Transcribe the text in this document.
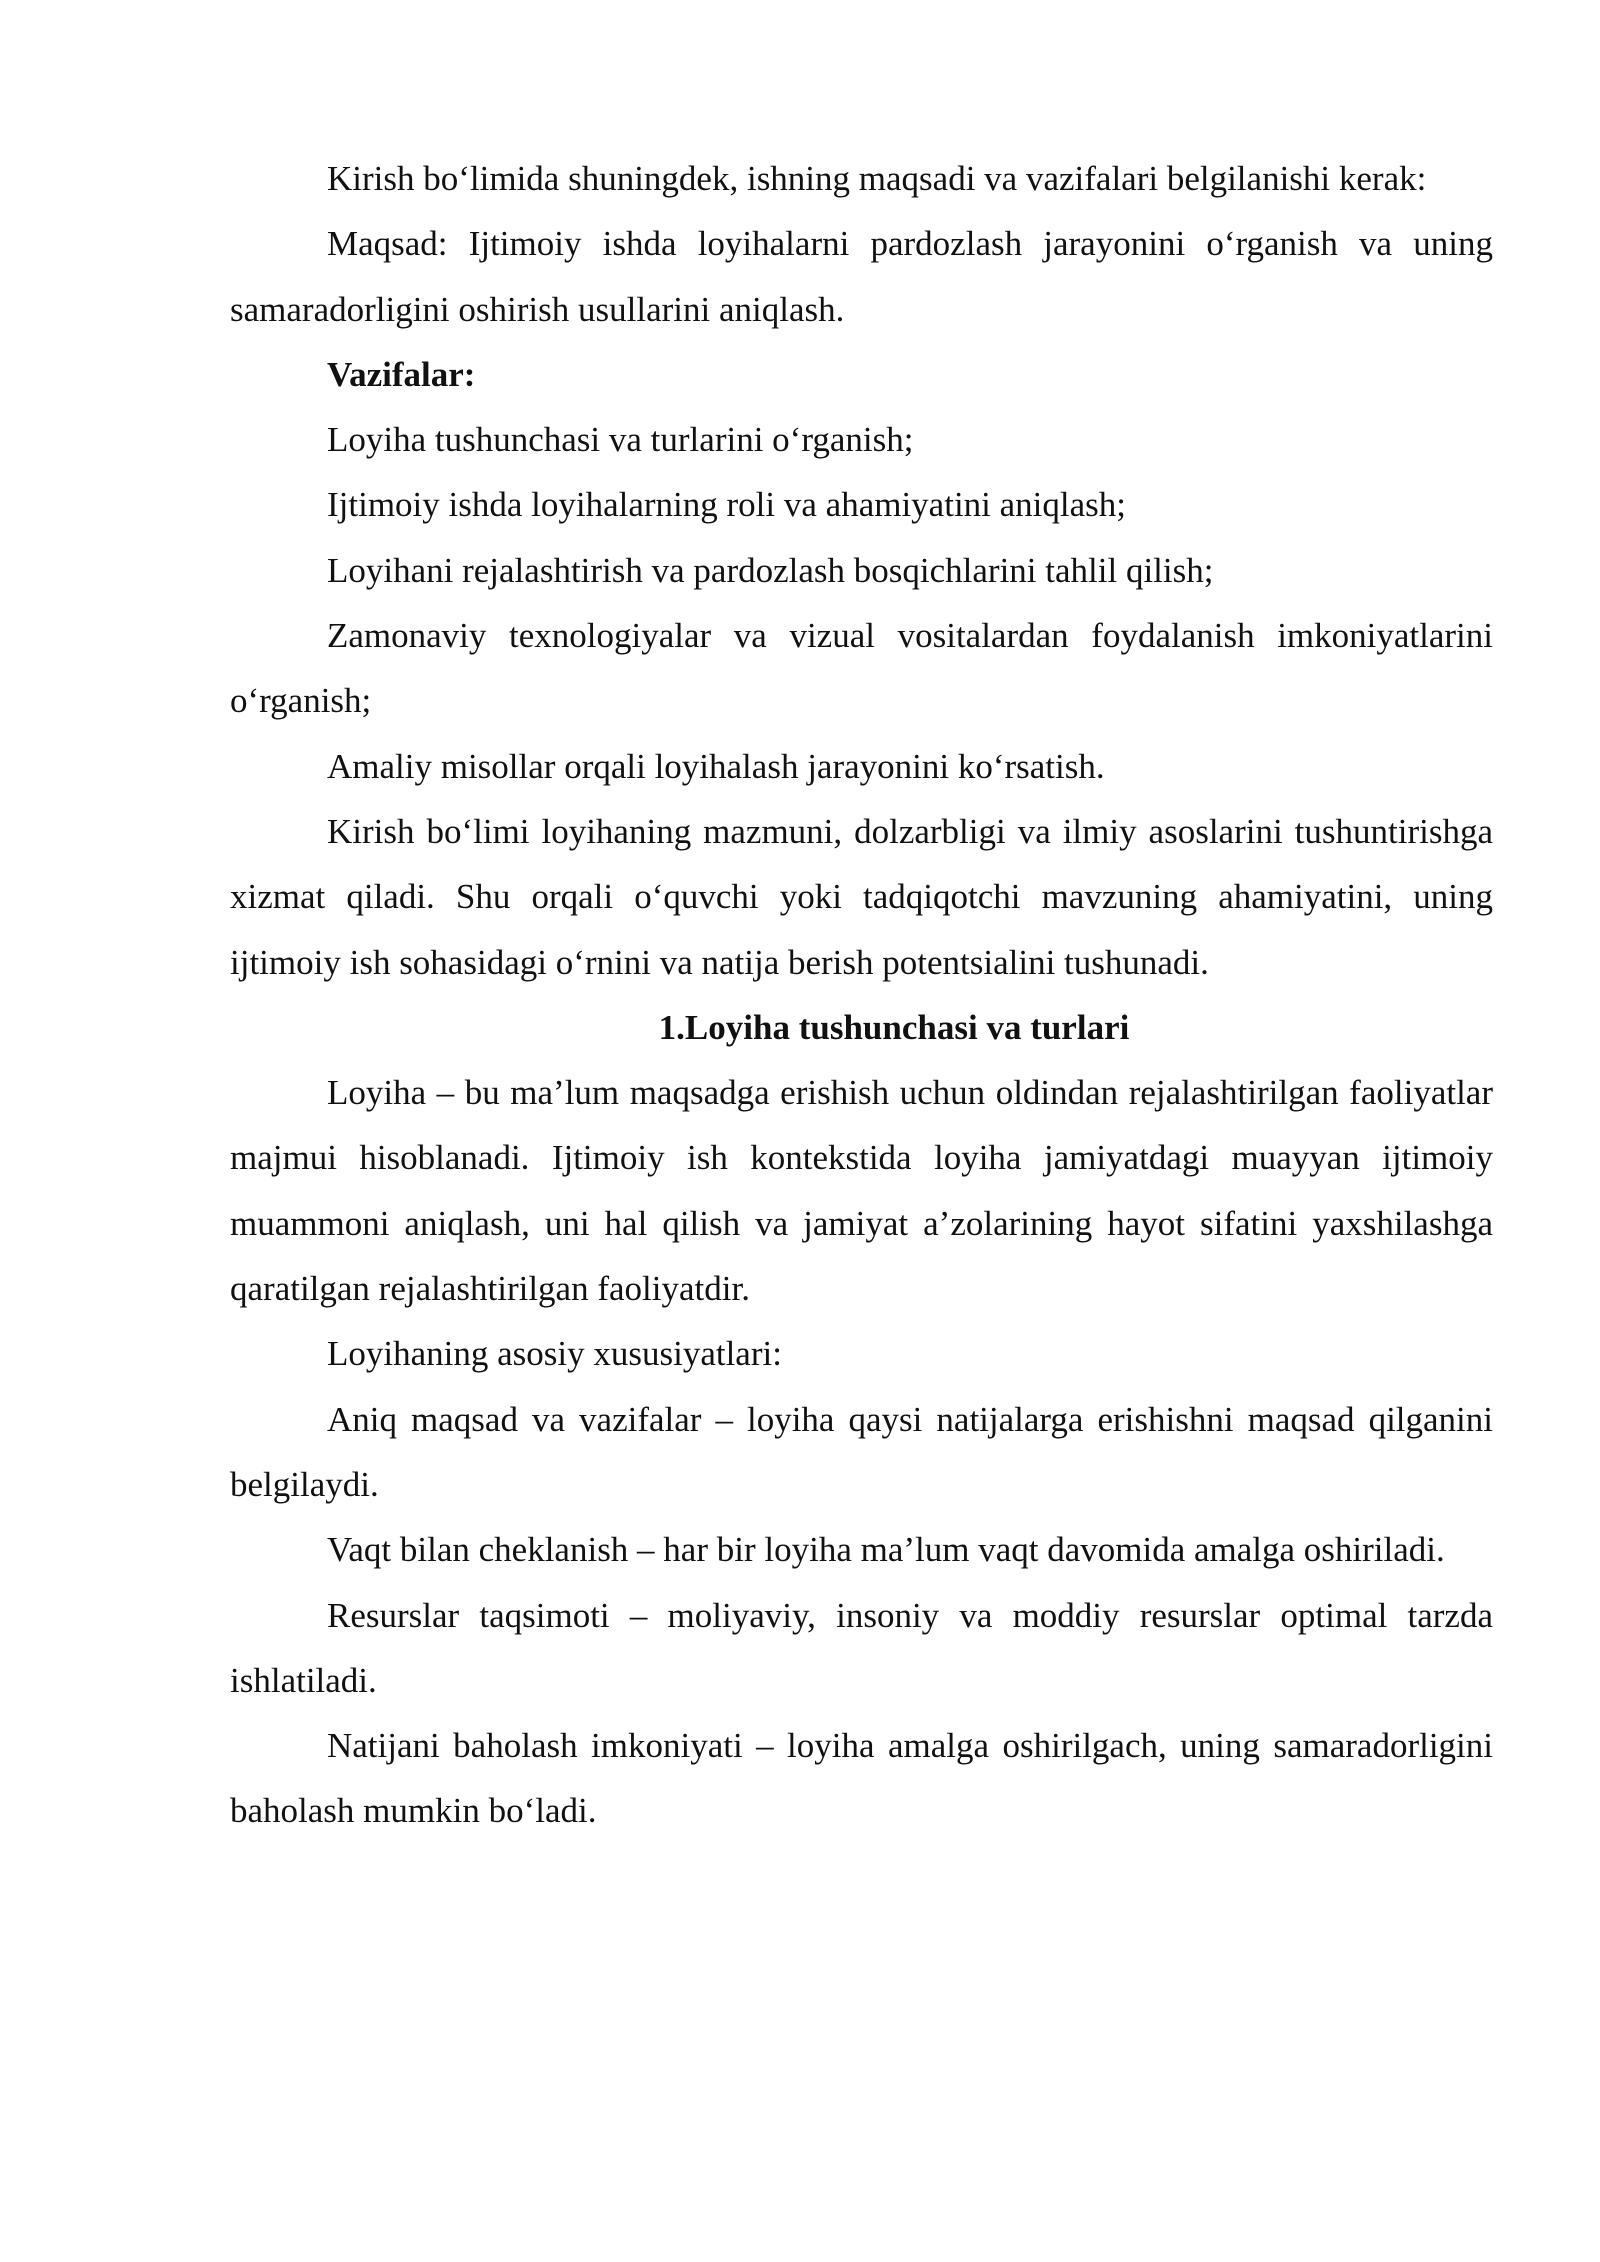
Kirish bo‘limida shuningdek, ishning maqsadi va vazifalari belgilanishi kerak:

Maqsad: Ijtimoiy ishda loyihalarni pardozlash jarayonini o‘rganish va uning samaradorligini oshirish usullarini aniqlash.

Vazifalar:

Loyiha tushunchasi va turlarini o‘rganish;

Ijtimoiy ishda loyihalarning roli va ahamiyatini aniqlash;

Loyihani rejalashtirish va pardozlash bosqichlarini tahlil qilish;

Zamonaviy texnologiyalar va vizual vositalardan foydalanish imkoniyatlarini o‘rganish;

Amaliy misollar orqali loyihalash jarayonini ko‘rsatish.

Kirish bo‘limi loyihaning mazmuni, dolzarbligi va ilmiy asoslarini tushuntirishga xizmat qiladi. Shu orqali o‘quvchi yoki tadqiqotchi mavzuning ahamiyatini, uning ijtimoiy ish sohasidagi o‘rnini va natija berish potentsialini tushunadi.

1.Loyiha tushunchasi va turlari

Loyiha – bu ma’lum maqsadga erishish uchun oldindan rejalashtirilgan faoliyatlar majmui hisoblanadi. Ijtimoiy ish kontekstida loyiha jamiyatdagi muayyan ijtimoiy muammoni aniqlash, uni hal qilish va jamiyat a’zolarining hayot sifatini yaxshilashga qaratilgan rejalashtirilgan faoliyatdir.

Loyihaning asosiy xususiyatlari:

Aniq maqsad va vazifalar – loyiha qaysi natijalarga erishishni maqsad qilganini belgilaydi.

Vaqt bilan cheklanish – har bir loyiha ma’lum vaqt davomida amalga oshiriladi.

Resurslar taqsimoti – moliyaviy, insoniy va moddiy resurslar optimal tarzda ishlatiladi.

Natijani baholash imkoniyati – loyiha amalga oshirilgach, uning samaradorligini baholash mumkin bo‘ladi.
